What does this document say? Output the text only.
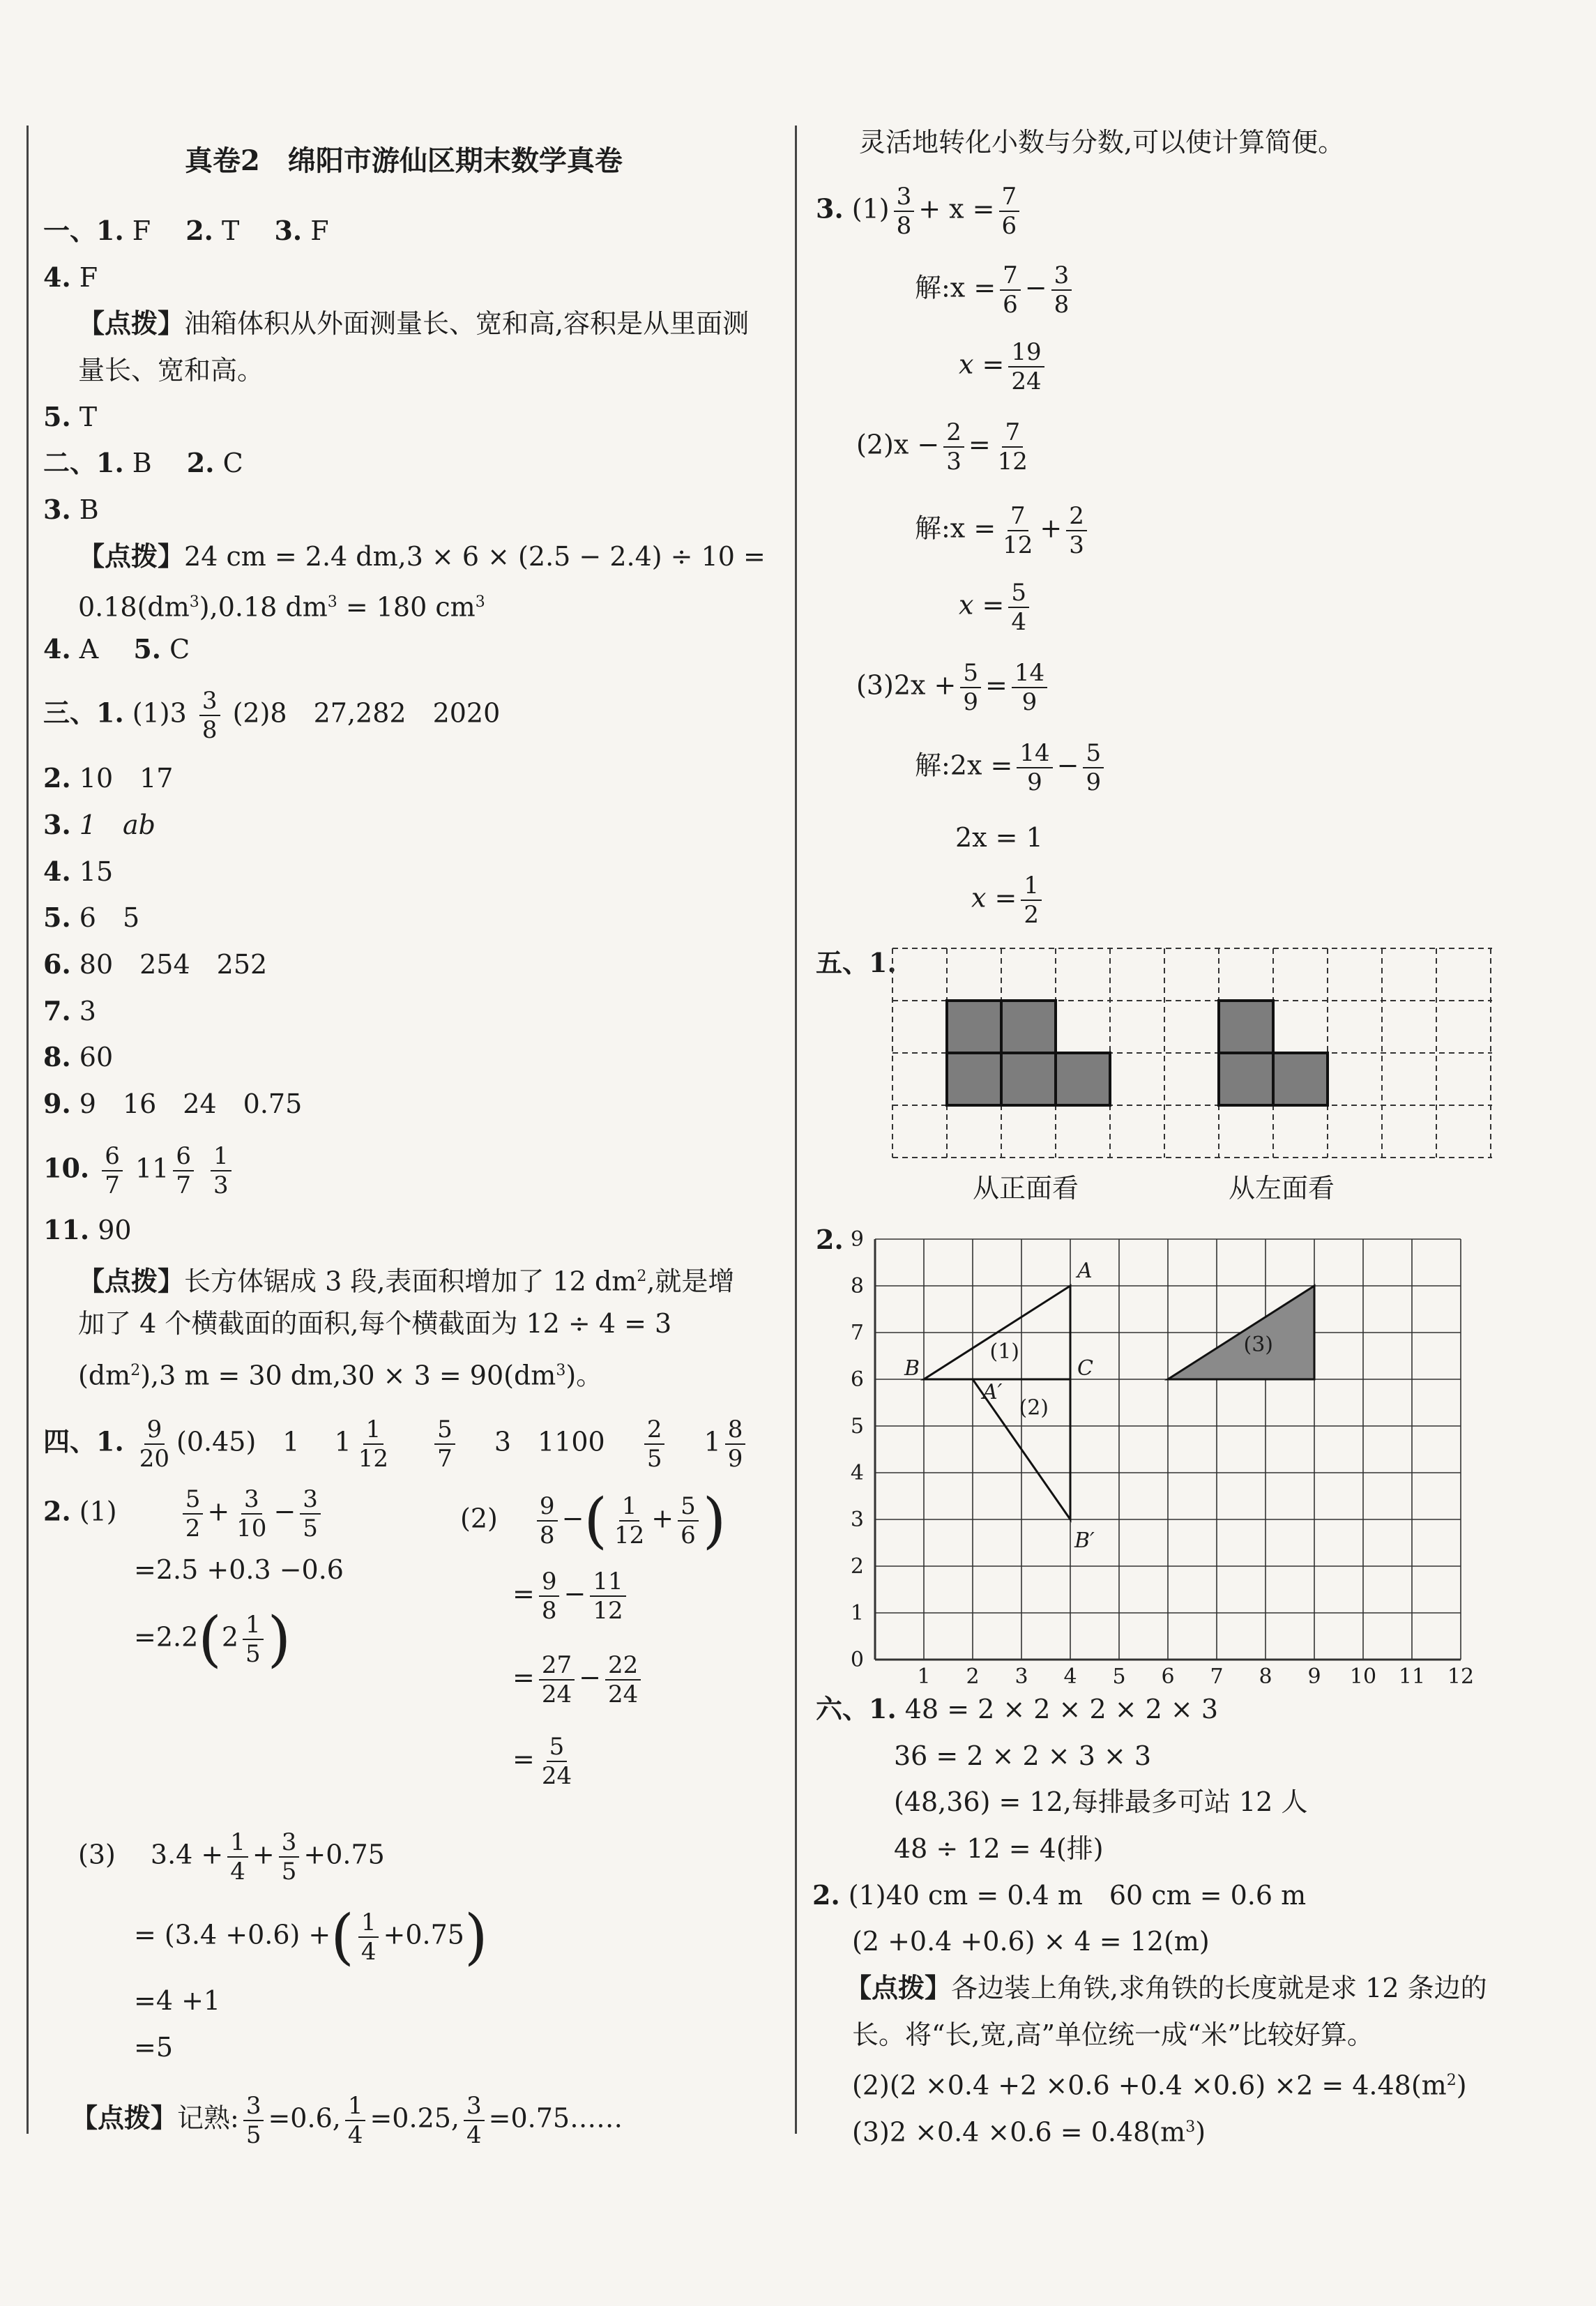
真卷2　绵阳市游仙区期末数学真卷
一、1. F　 2. T　 3. F
4. F
【点拨】油箱体积从外面测量长、宽和高,容积是从里面测
量长、宽和高。
5. T
二、1. B　 2. C
3. B
【点拨】24 cm = 2.4 dm,3 × 6 × (2.5 − 2.4) ÷ 10 =
$0.18(dm^3),0.18$ $dm^3 = 180$ $cm^3$
4. A　 5. C
三、1. $(1)3 \frac{3}{8} (2)8$　27,282　2020
2. 10　17
3. 1　ab
4. 15
5. 6　5
6. 80　254　252
7. 3
8. 60
9. 9　16　24　0.75
10. $\frac{6}{7} 11 \frac{6}{7}$
$\frac{1}{3}$
11. 90
【点拨】长方体锯成 3 段,表面积增加了 12 $dm^2$,就是增
加了 4 个横截面的面积,每个横截面为 12 ÷ 4 = 3
$(dm^2),3$ m = 30 $dm,30 \times 3 = 90(dm^3)$。
四、1. $\frac{9}{20} (0.45)$　1　 $1 \frac{1}{12}$
　 $\frac{5}{7}$
　 3　1100　 $\frac{2}{5}$
　 $1 \frac{8}{9}$
2. (1)　　	$\frac{5}{2} + \frac{3}{10} - \frac{3}{5}$
=2.5 +0.3 −0.6
$=2.2(2 \frac{1}{5}$ )
(2)　 $\frac{9}{8}$ −( $\frac{1}{12} + \frac{5}{6}$ )
= $\frac{9}{8} - \frac{11}{12}$
= $\frac{27}{24} - \frac{22}{24}$
= $\frac{5}{24}$
(3)　 $3.4 + \frac{1}{4} + \frac{3}{5} +0.75$
= (3.4 +0.6) +( $\frac{1}{4} +0.75$)
=4 +1
=5
【点拨】记熟: $\frac{3}{5} =0.6$, $\frac{1}{4} =0.25$, $\frac{3}{4}$ =0.75……
灵活地转化小数与分数,可以使计算简便。
3. $(1) \frac{3}{8} + x = \frac{7}{6}$
解:x = $\frac{7}{6} - \frac{3}{8}$
$x = \frac{19}{24}$
$(2)x - \frac{2}{3} = \frac{7}{12}$
解:x = $\frac{7}{12} + \frac{2}{3}$
$x = \frac{5}{4}$
$(3)2x + \frac{5}{9} = \frac{14}{9}$
解:2x = $\frac{14}{9} - \frac{5}{9}$
2x = 1
$x = \frac{1}{2}$
五、1.
从正面看	从左面看
2.
1 2 3 4 5 6 7 8 9 10 11 12
0
1
2
3
4
5
6
7
8
9
A
B	C
A′
B′
(1)
(2)
(3)
六、1. 48 = 2 × 2 × 2 × 2 × 3
36 = 2 × 2 × 3 × 3
(48,36) = 12,每排最多可站 12 人
48 ÷ 12 = 4(排)
2. (1)40 cm = 0.4 m　60 cm = 0.6 m
(2 +0.4 +0.6) × 4 = 12(m)
【点拨】各边装上角铁,求角铁的长度就是求 12 条边的
长。将“长,宽,高”单位统一成“米”比较好算。
$(2)(2 \times 0.4 +2 \times 0.6 +0.4 \times 0.6) \times 2 = 4.48(m^2)$
$(3)2 \times 0.4 \times 0.6 = 0.48(m^3)$
